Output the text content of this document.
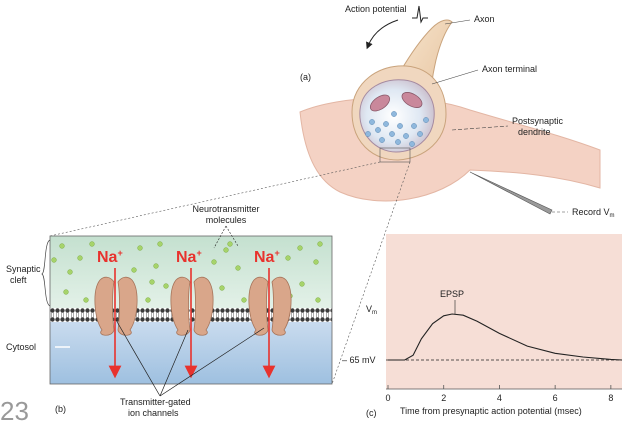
Action potential
Axon
Axon terminal
Postsynaptic
dendrite
Record $V_m$
(a)
Na+	Na+	Na+
Neurotransmitter
molecules
Synaptic
cleft
Cytosol
Transmitter-gated
ion channels
(b)
23	0	2	4	6	8
EPSP
$V_m$
– 65 mV
Time from presynaptic action potential (msec)
(c)
